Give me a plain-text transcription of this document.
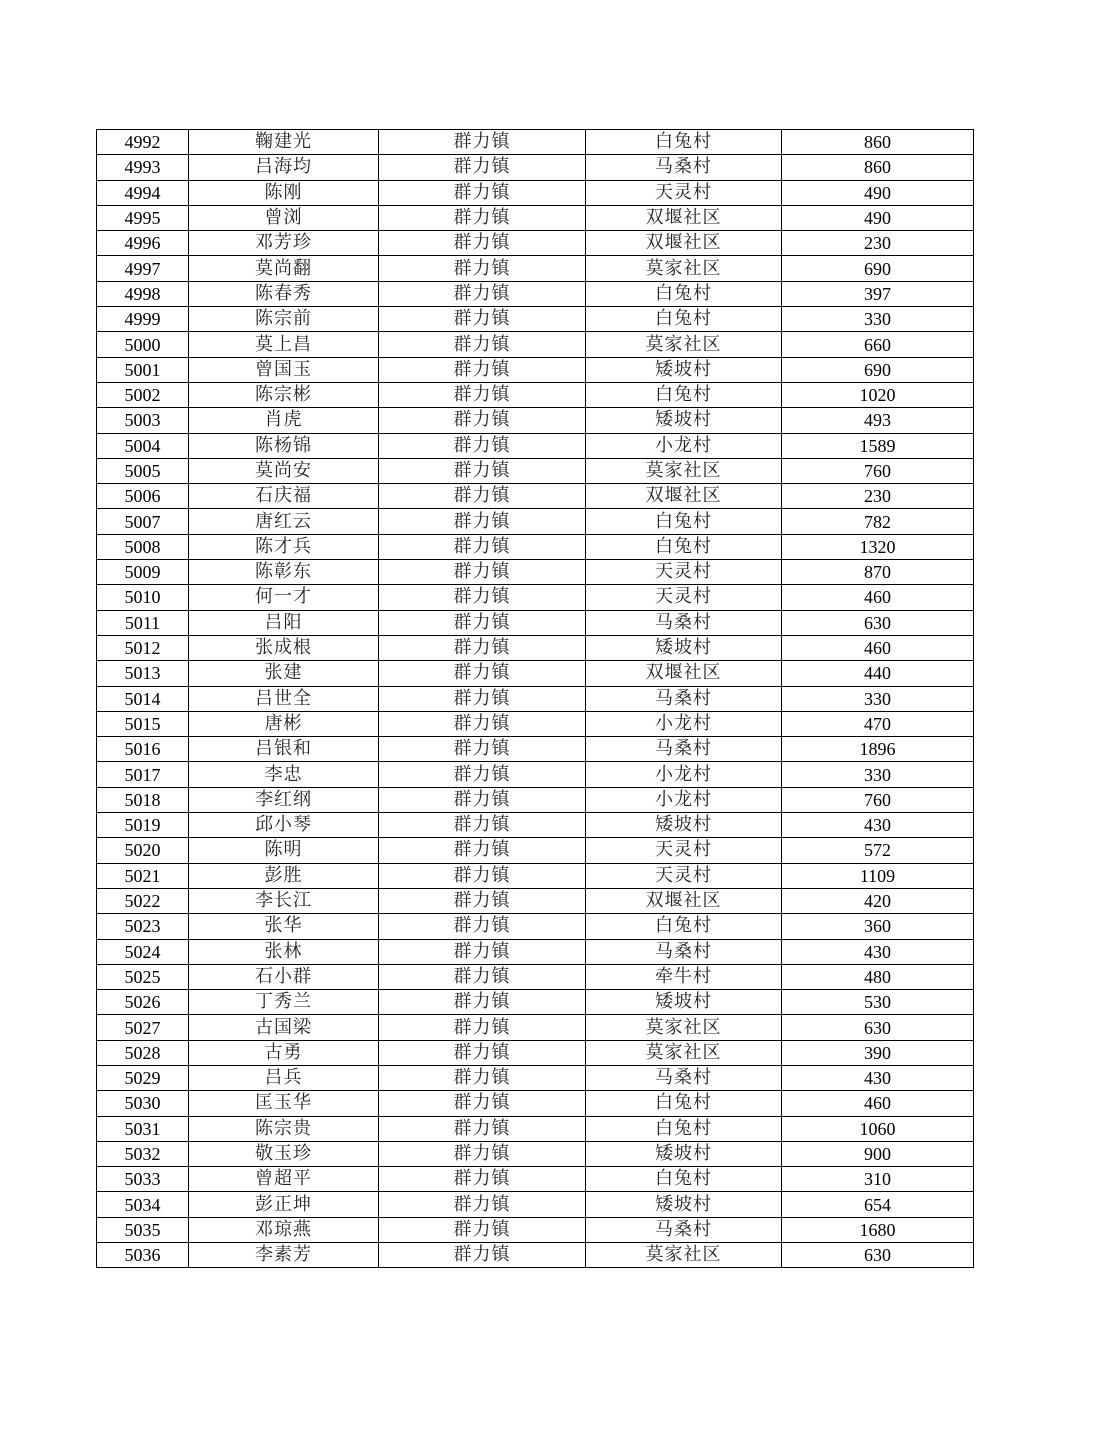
4992	鞠建光	群力镇	白兔村	860
4993	吕海均	群力镇	马桑村	860
4994	陈刚	群力镇	天灵村	490
4995	曾浏	群力镇	双堰社区	490
4996	邓芳珍	群力镇	双堰社区	230
4997	莫尚翻	群力镇	莫家社区	690
4998	陈春秀	群力镇	白兔村	397
4999	陈宗前	群力镇	白兔村	330
5000	莫上昌	群力镇	莫家社区	660
5001	曾国玉	群力镇	矮坡村	690
5002	陈宗彬	群力镇	白兔村	1020
5003	肖虎	群力镇	矮坡村	493
5004	陈杨锦	群力镇	小龙村	1589
5005	莫尚安	群力镇	莫家社区	760
5006	石庆福	群力镇	双堰社区	230
5007	唐红云	群力镇	白兔村	782
5008	陈才兵	群力镇	白兔村	1320
5009	陈彰东	群力镇	天灵村	870
5010	何一才	群力镇	天灵村	460
5011	吕阳	群力镇	马桑村	630
5012	张成根	群力镇	矮坡村	460
5013	张建	群力镇	双堰社区	440
5014	吕世全	群力镇	马桑村	330
5015	唐彬	群力镇	小龙村	470
5016	吕银和	群力镇	马桑村	1896
5017	李忠	群力镇	小龙村	330
5018	李红纲	群力镇	小龙村	760
5019	邱小琴	群力镇	矮坡村	430
5020	陈明	群力镇	天灵村	572
5021	彭胜	群力镇	天灵村	1109
5022	李长江	群力镇	双堰社区	420
5023	张华	群力镇	白兔村	360
5024	张林	群力镇	马桑村	430
5025	石小群	群力镇	牵牛村	480
5026	丁秀兰	群力镇	矮坡村	530
5027	古国梁	群力镇	莫家社区	630
5028	古勇	群力镇	莫家社区	390
5029	吕兵	群力镇	马桑村	430
5030	匡玉华	群力镇	白兔村	460
5031	陈宗贵	群力镇	白兔村	1060
5032	敬玉珍	群力镇	矮坡村	900
5033	曾超平	群力镇	白兔村	310
5034	彭正坤	群力镇	矮坡村	654
5035	邓琼燕	群力镇	马桑村	1680
5036	李素芳	群力镇	莫家社区	630
